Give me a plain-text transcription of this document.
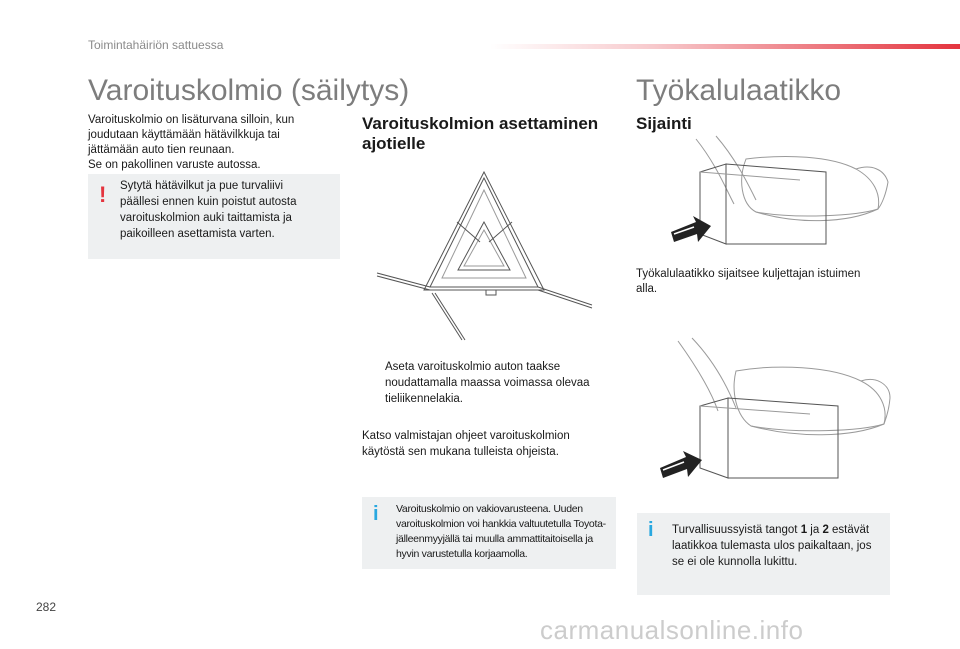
Toimintahäiriön sattuessa
Varoituskolmio (säilytys)
Varoituskolmio on lisäturvana silloin, kun joudutaan käyttämään hätävilkkuja tai jättämään auto tien reunaan.
Se on pakollinen varuste autossa.
! Sytytä hätävilkut ja pue turvaliivi päällesi ennen kuin poistut autosta varoituskolmion auki taittamista ja paikoilleen asettamista varten.
Varoituskolmion asettaminen ajotielle
Aseta varoituskolmio auton taakse noudattamalla maassa voimassa olevaa tieliikennelakia.
Katso valmistajan ohjeet varoituskolmion käytöstä sen mukana tulleista ohjeista.
i Varoituskolmio on vakiovarusteena. Uuden varoituskolmion voi hankkia valtuutetulla Toyota-jälleenmyyjällä tai muulla ammattitaitoisella ja hyvin varustetulla korjaamolla.
Työkalulaatikko
Sijainti
Työkalulaatikko sijaitsee kuljettajan istuimen alla.
i Turvallisuussyistä tangot 1 ja 2 estävät laatikkoa tulemasta ulos paikaltaan, jos se ei ole kunnolla lukittu.
282
carmanualsonline.info
